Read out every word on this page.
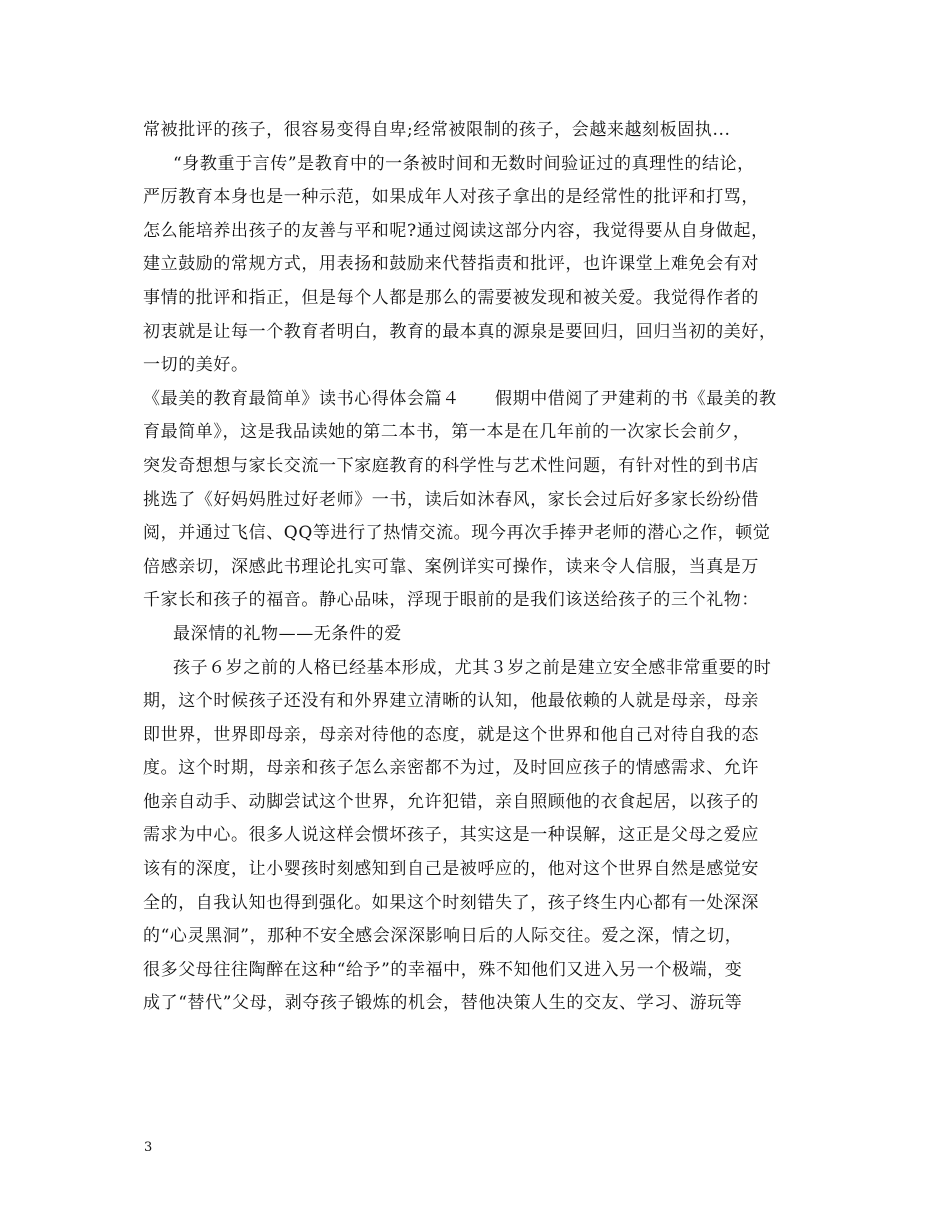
常被批评的孩子，很容易变得自卑;经常被限制的孩子，会越来越刻板固执...
“身教重于言传”是教育中的一条被时间和无数时间验证过的真理性的结论，
严厉教育本身也是一种示范，如果成年人对孩子拿出的是经常性的批评和打骂，
怎么能培养出孩子的友善与平和呢?通过阅读这部分内容，我觉得要从自身做起，
建立鼓励的常规方式，用表扬和鼓励来代替指责和批评，也许课堂上难免会有对
事情的批评和指正，但是每个人都是那么的需要被发现和被关爱。我觉得作者的
初衷就是让每一个教育者明白，教育的最本真的源泉是要回归，回归当初的美好，
一切的美好。
《最美的教育最简单》读书心得体会篇４　　假期中借阅了尹建莉的书《最美的教
育最简单》，这是我品读她的第二本书，第一本是在几年前的一次家长会前夕，
突发奇想想与家长交流一下家庭教育的科学性与艺术性问题，有针对性的到书店
挑选了《好妈妈胜过好老师》一书，读后如沐春风，家长会过后好多家长纷纷借
阅，并通过飞信、QQ等进行了热情交流。现今再次手捧尹老师的潜心之作，顿觉
倍感亲切，深感此书理论扎实可靠、案例详实可操作，读来令人信服，当真是万
千家长和孩子的福音。静心品味，浮现于眼前的是我们该送给孩子的三个礼物：
最深情的礼物——无条件的爱
孩子６岁之前的人格已经基本形成，尤其３岁之前是建立安全感非常重要的时
期，这个时候孩子还没有和外界建立清晰的认知，他最依赖的人就是母亲，母亲
即世界，世界即母亲，母亲对待他的态度，就是这个世界和他自己对待自我的态
度。这个时期，母亲和孩子怎么亲密都不为过，及时回应孩子的情感需求、允许
他亲自动手、动脚尝试这个世界，允许犯错，亲自照顾他的衣食起居，以孩子的
需求为中心。很多人说这样会惯坏孩子，其实这是一种误解，这正是父母之爱应
该有的深度，让小婴孩时刻感知到自己是被呼应的，他对这个世界自然是感觉安
全的，自我认知也得到强化。如果这个时刻错失了，孩子终生内心都有一处深深
的“心灵黑洞”，那种不安全感会深深影响日后的人际交往。爱之深，情之切，
很多父母往往陶醉在这种“给予”的幸福中，殊不知他们又进入另一个极端，变
成了“替代”父母，剥夺孩子锻炼的机会，替他决策人生的交友、学习、游玩等
3
